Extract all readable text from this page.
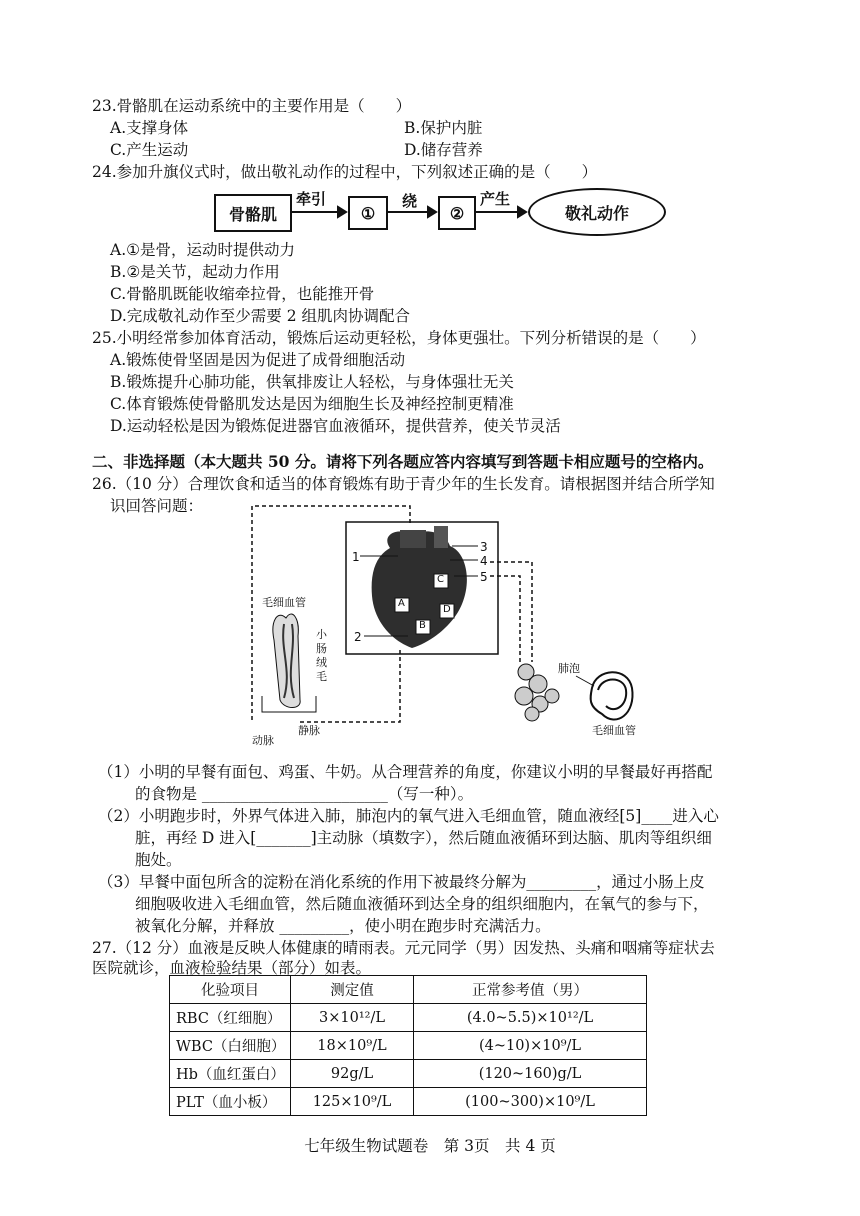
23.骨骼肌在运动系统中的主要作用是（　　）
A.支撑身体	B.保护内脏
C.产生运动	D.储存营养
24.参加升旗仪式时，做出敬礼动作的过程中，下列叙述正确的是（　　）
骨骼肌
牵引
①
绕
②
产生
敬礼动作
A.①是骨，运动时提供动力
B.②是关节，起动力作用
C.骨骼肌既能收缩牵拉骨，也能推开骨
D.完成敬礼动作至少需要 2 组肌肉协调配合
25.小明经常参加体育活动，锻炼后运动更轻松，身体更强壮。下列分析错误的是（　　）
A.锻炼使骨坚固是因为促进了成骨细胞活动
B.锻炼提升心肺功能，供氧排废让人轻松，与身体强壮无关
C.体育锻炼使骨骼肌发达是因为细胞生长及神经控制更精准
D.运动轻松是因为锻炼促进器官血液循环，提供营养，使关节灵活
二、非选择题（本大题共 50 分。请将下列各题应答内容填写到答题卡相应题号的空格内。
26.（10 分）合理饮食和适当的体育锻炼有助于青少年的生长发育。请根据图并结合所学知
识回答问题：
1
2
3
4
5
A
B
C
D
毛细血管
小肠绒毛
动脉
静脉
肺泡
毛细血管
（1）小明的早餐有面包、鸡蛋、牛奶。从合理营养的角度，你建议小明的早餐最好再搭配
的食物是 ________________________（写一种）。
（2）小明跑步时，外界气体进入肺，肺泡内的氧气进入毛细血管，随血液经[5]____进入心
脏，再经 D 进入[_______]主动脉（填数字），然后随血液循环到达脑、肌肉等组织细
胞处。
（3）早餐中面包所含的淀粉在消化系统的作用下被最终分解为_________，通过小肠上皮
细胞吸收进入毛细血管，然后随血液循环到达全身的组织细胞内，在氧气的参与下，
被氧化分解，并释放 _________，使小明在跑步时充满活力。
27.（12 分）血液是反映人体健康的晴雨表。元元同学（男）因发热、头痛和咽痛等症状去
医院就诊，血液检验结果（部分）如表。
化验项目	测定值	正常参考值（男）
RBC（红细胞）	3×10¹²/L	(4.0~5.5)×10¹²/L
WBC（白细胞）	18×10⁹/L	(4~10)×10⁹/L
Hb（血红蛋白）	92g/L	(120~160)g/L
PLT（血小板）	125×10⁹/L	(100~300)×10⁹/L
七年级生物试题卷　第 3页　共 4 页
